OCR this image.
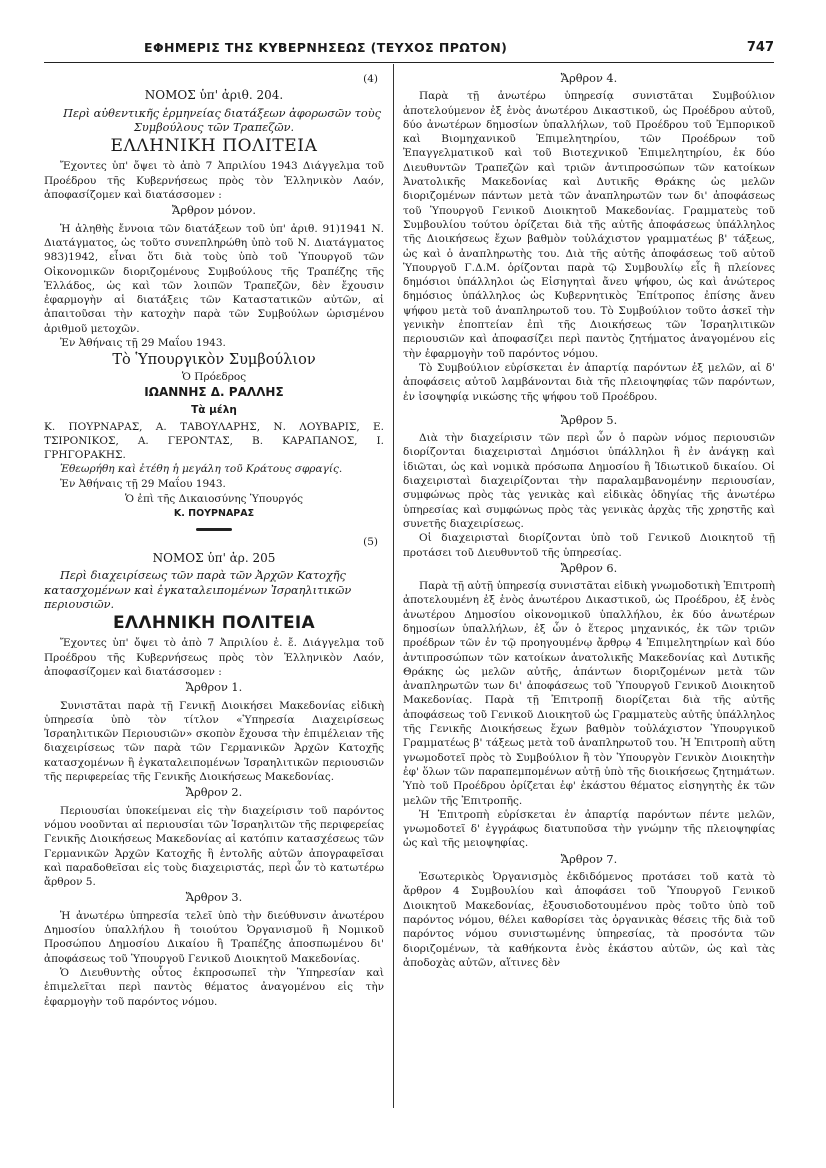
ΕΦΗΜΕΡΙΣ ΤΗΣ ΚΥΒΕΡΝΗΣΕΩΣ (ΤΕΥΧΟΣ ΠΡΩΤΟΝ)	747
(4)
ΝΟΜΟΣ ὑπ' ἀριθ. 204.

Περὶ αὐθεντικῆς ἑρμηνείας διατάξεων ἀφορωσῶν τοὺς Συμβούλους τῶν Τραπεζῶν.

ΕΛΛΗΝΙΚΗ ΠΟΛΙΤΕΙΑ

Ἔχοντες ὑπ' ὄψει τὸ ἀπὸ 7 Ἀπριλίου 1943 Διάγγελμα τοῦ Προέδρου τῆς Κυβερνήσεως πρὸς τὸν Ἑλληνικὸν Λαόν, ἀποφασίζομεν καὶ διατάσσομεν :

Ἄρθρον μόνον.

Ἡ ἀληθὴς ἔννοια τῶν διατάξεων τοῦ ὑπ' ἀριθ. 91)1941 Ν. Διατάγματος, ὡς τοῦτο συνεπληρώθη ὑπὸ τοῦ Ν. Διατάγματος 983)1942, εἶναι ὅτι διὰ τοὺς ὑπὸ τοῦ Ὑπουργοῦ τῶν Οἰκονομικῶν διοριζομένους Συμβούλους τῆς Τραπέζης τῆς Ἑλλάδος, ὡς καὶ τῶν λοιπῶν Τραπεζῶν, δὲν ἔχουσιν ἐφαρμογὴν αἱ διατάξεις τῶν Καταστατικῶν αὐτῶν, αἱ ἀπαιτοῦσαι τὴν κατοχὴν παρὰ τῶν Συμβούλων ὡρισμένου ἀριθμοῦ μετοχῶν.

Ἐν Ἀθήναις τῇ 29 Μαΐου 1943.

Τὸ Ὑπουργικὸν Συμβούλιον
Ὁ Πρόεδρος
ΙΩΑΝΝΗΣ Δ. ΡΑΛΛΗΣ
Τὰ μέλη

Κ. ΠΟΥΡΝΑΡΑΣ, Α. ΤΑΒΟΥΛΑΡΗΣ, Ν. ΛΟΥΒΑΡΙΣ, Ε. ΤΣΙΡΟΝΙΚΟΣ, Α. ΓΕΡΟΝΤΑΣ, Β. ΚΑΡΑΠΑΝΟΣ, Ι. ΓΡΗΓΟΡΑΚΗΣ.

Ἐθεωρήθη καὶ ἐτέθη ἡ μεγάλη τοῦ Κράτους σφραγίς.

Ἐν Ἀθήναις τῇ 29 Μαΐου 1943.

Ὁ ἐπὶ τῆς Δικαιοσύνης Ὑπουργός
Κ. ΠΟΥΡΝΑΡΑΣ
(5)
ΝΟΜΟΣ ὑπ' ἀρ. 205

Περὶ διαχειρίσεως τῶν παρὰ τῶν Ἀρχῶν Κατοχῆς κατασχομένων καὶ ἐγκαταλειπομένων Ἰσραηλιτικῶν περιουσιῶν.

ΕΛΛΗΝΙΚΗ ΠΟΛΙΤΕΙΑ

Ἔχοντες ὑπ' ὄψει τὸ ἀπὸ 7 Ἀπριλίου ἐ. ἔ. Διάγγελμα τοῦ Προέδρου τῆς Κυβερνήσεως πρὸς τὸν Ἑλληνικὸν Λαόν, ἀποφασίζομεν καὶ διατάσσομεν :

Ἄρθρον 1.

Συνιστᾶται παρὰ τῇ Γενικῇ Διοικήσει Μακεδονίας εἰδικὴ ὑπηρεσία ὑπὸ τὸν τίτλον «Ὑπηρεσία Διαχειρίσεως Ἰσραηλιτικῶν Περιουσιῶν» σκοπὸν ἔχουσα τὴν ἐπιμέλειαν τῆς διαχειρίσεως τῶν παρὰ τῶν Γερμανικῶν Ἀρχῶν Κατοχῆς κατασχομένων ἢ ἐγκαταλειπομένων Ἰσραηλιτικῶν περιουσιῶν τῆς περιφερείας τῆς Γενικῆς Διοικήσεως Μακεδονίας.

Ἄρθρον 2.

Περιουσίαι ὑποκείμεναι εἰς τὴν διαχείρισιν τοῦ παρόντος νόμου νοοῦνται αἱ περιουσίαι τῶν Ἰσραηλιτῶν τῆς περιφερείας Γενικῆς Διοικήσεως Μακεδονίας αἱ κατόπιν κατασχέσεως τῶν Γερμανικῶν Ἀρχῶν Κατοχῆς ἢ ἐντολῆς αὐτῶν ἀπογραφεῖσαι καὶ παραδοθεῖσαι εἰς τοὺς διαχειριστάς, περὶ ὧν τὸ κατωτέρω ἄρθρον 5.

Ἄρθρον 3.

Ἡ ἀνωτέρω ὑπηρεσία τελεῖ ὑπὸ τὴν διεύθυνσιν ἀνωτέρου Δημοσίου ὑπαλλήλου ἢ τοιούτου Ὀργανισμοῦ ἢ Νομικοῦ Προσώπου Δημοσίου Δικαίου ἢ Τραπέζης ἀποσπωμένου δι' ἀποφάσεως τοῦ Ὑπουργοῦ Γενικοῦ Διοικητοῦ Μακεδονίας.

Ὁ Διευθυντὴς οὗτος ἐκπροσωπεῖ τὴν Ὑπηρεσίαν καὶ ἐπιμελεῖται περὶ παντὸς θέματος ἀναγομένου εἰς τὴν ἐφαρμογὴν τοῦ παρόντος νόμου.

Ἄρθρον 4.

Παρὰ τῇ ἀνωτέρω ὑπηρεσίᾳ συνιστᾶται Συμβούλιον ἀποτελούμενον ἐξ ἑνὸς ἀνωτέρου Δικαστικοῦ, ὡς Προέδρου αὐτοῦ, δύο ἀνωτέρων δημοσίων ὑπαλλήλων, τοῦ Προέδρου τοῦ Ἐμπορικοῦ καὶ Βιομηχανικοῦ Ἐπιμελητηρίου, τῶν Προέδρων τοῦ Ἐπαγγελματικοῦ καὶ τοῦ Βιοτεχνικοῦ Ἐπιμελητηρίου, ἐκ δύο Διευθυντῶν Τραπεζῶν καὶ τριῶν ἀντιπροσώπων τῶν κατοίκων Ἀνατολικῆς Μακεδονίας καὶ Δυτικῆς Θράκης ὡς μελῶν διοριζομένων πάντων μετὰ τῶν ἀναπληρωτῶν των δι' ἀποφάσεως τοῦ Ὑπουργοῦ Γενικοῦ Διοικητοῦ Μακεδονίας. Γραμματεὺς τοῦ Συμβουλίου τούτου ὁρίζεται διὰ τῆς αὐτῆς ἀποφάσεως ὑπάλληλος τῆς Διοικήσεως ἔχων βαθμὸν τοὐλάχιστον γραμματέως β' τάξεως, ὡς καὶ ὁ ἀναπληρωτὴς του. Διὰ τῆς αὐτῆς ἀποφάσεως τοῦ αὐτοῦ Ὑπουργοῦ Γ.Δ.Μ. ὁρίζονται παρὰ τῷ Συμβουλίῳ εἷς ἢ πλείονες δημόσιοι ὑπάλληλοι ὡς Εἰσηγηταὶ ἄνευ ψήφου, ὡς καὶ ἀνώτερος δημόσιος ὑπάλληλος ὡς Κυβερνητικὸς Ἐπίτροπος ἐπίσης ἄνευ ψήφου μετὰ τοῦ ἀναπληρωτοῦ του. Τὸ Συμβούλιον τοῦτο ἀσκεῖ τὴν γενικὴν ἐποπτείαν ἐπὶ τῆς Διοικήσεως τῶν Ἰσραηλιτικῶν περιουσιῶν καὶ ἀποφασίζει περὶ παντὸς ζητήματος ἀναγομένου εἰς τὴν ἐφαρμογὴν τοῦ παρόντος νόμου.

Τὸ Συμβούλιον εὑρίσκεται ἐν ἀπαρτίᾳ παρόντων ἐξ μελῶν, αἱ δ' ἀποφάσεις αὐτοῦ λαμβάνονται διὰ τῆς πλειοψηφίας τῶν παρόντων, ἐν ἰσοψηφίᾳ νικώσης τῆς ψήφου τοῦ Προέδρου.

Ἄρθρον 5.

Διὰ τὴν διαχείρισιν τῶν περὶ ὧν ὁ παρὼν νόμος περιουσιῶν διορίζονται διαχειρισταὶ Δημόσιοι ὑπάλληλοι ἢ ἐν ἀνάγκῃ καὶ ἰδιῶται, ὡς καὶ νομικὰ πρόσωπα Δημοσίου ἢ Ἰδιωτικοῦ δικαίου. Οἱ διαχειρισταὶ διαχειρίζονται τὴν παραλαμβανομένην περιουσίαν, συμφώνως πρὸς τὰς γενικὰς καὶ εἰδικὰς ὁδηγίας τῆς ἀνωτέρω ὑπηρεσίας καὶ συμφώνως πρὸς τὰς γενικὰς ἀρχὰς τῆς χρηστῆς καὶ συνετῆς διαχειρίσεως.

Οἱ διαχειρισταὶ διορίζονται ὑπὸ τοῦ Γενικοῦ Διοικητοῦ τῇ προτάσει τοῦ Διευθυντοῦ τῆς ὑπηρεσίας.

Ἄρθρον 6.

Παρὰ τῇ αὐτῇ ὑπηρεσίᾳ συνιστᾶται εἰδικὴ γνωμοδοτικὴ Ἐπιτροπὴ ἀποτελουμένη ἐξ ἑνὸς ἀνωτέρου Δικαστικοῦ, ὡς Προέδρου, ἐξ ἑνὸς ἀνωτέρου Δημοσίου οἰκονομικοῦ ὑπαλλήλου, ἐκ δύο ἀνωτέρων δημοσίων ὑπαλλήλων, ἐξ ὧν ὁ ἕτερος μηχανικός, ἐκ τῶν τριῶν προέδρων τῶν ἐν τῷ προηγουμένῳ ἄρθρῳ 4 Ἐπιμελητηρίων καὶ δύο ἀντιπροσώπων τῶν κατοίκων ἀνατολικῆς Μακεδονίας καὶ Δυτικῆς Θράκης ὡς μελῶν αὐτῆς, ἁπάντων διοριζομένων μετὰ τῶν ἀναπληρωτῶν των δι' ἀποφάσεως τοῦ Ὑπουργοῦ Γενικοῦ Διοικητοῦ Μακεδονίας. Παρὰ τῇ Ἐπιτροπῇ διορίζεται διὰ τῆς αὐτῆς ἀποφάσεως τοῦ Γενικοῦ Διοικητοῦ ὡς Γραμματεὺς αὐτῆς ὑπάλληλος τῆς Γενικῆς Διοικήσεως ἔχων βαθμὸν τοὐλάχιστον Ὑπουργικοῦ Γραμματέως β' τάξεως μετὰ τοῦ ἀναπληρωτοῦ του. Ἡ Ἐπιτροπὴ αὕτη γνωμοδοτεῖ πρὸς τὸ Συμβούλιον ἢ τὸν Ὑπουργὸν Γενικὸν Διοικητὴν ἐφ' ὅλων τῶν παραπεμπομένων αὐτῇ ὑπὸ τῆς διοικήσεως ζητημάτων. Ὑπὸ τοῦ Προέδρου ὁρίζεται ἐφ' ἑκάστου θέματος εἰσηγητὴς ἐκ τῶν μελῶν τῆς Ἐπιτροπῆς.

Ἡ Ἐπιτροπὴ εὑρίσκεται ἐν ἀπαρτίᾳ παρόντων πέντε μελῶν, γνωμοδοτεῖ δ' ἐγγράφως διατυποῦσα τὴν γνώμην τῆς πλειοψηφίας ὡς καὶ τῆς μειοψηφίας.

Ἄρθρον 7.

Ἐσωτερικὸς Ὀργανισμὸς ἐκδιδόμενος προτάσει τοῦ κατὰ τὸ ἄρθρον 4 Συμβουλίου καὶ ἀποφάσει τοῦ Ὑπουργοῦ Γενικοῦ Διοικητοῦ Μακεδονίας, ἐξουσιοδοτουμένου πρὸς τοῦτο ὑπὸ τοῦ παρόντος νόμου, θέλει καθορίσει τὰς ὀργανικὰς θέσεις τῆς διὰ τοῦ παρόντος νόμου συνιστωμένης ὑπηρεσίας, τὰ προσόντα τῶν διοριζομένων, τὰ καθήκοντα ἑνὸς ἑκάστου αὐτῶν, ὡς καὶ τὰς ἀποδοχὰς αὐτῶν, αἵτινες δὲν
